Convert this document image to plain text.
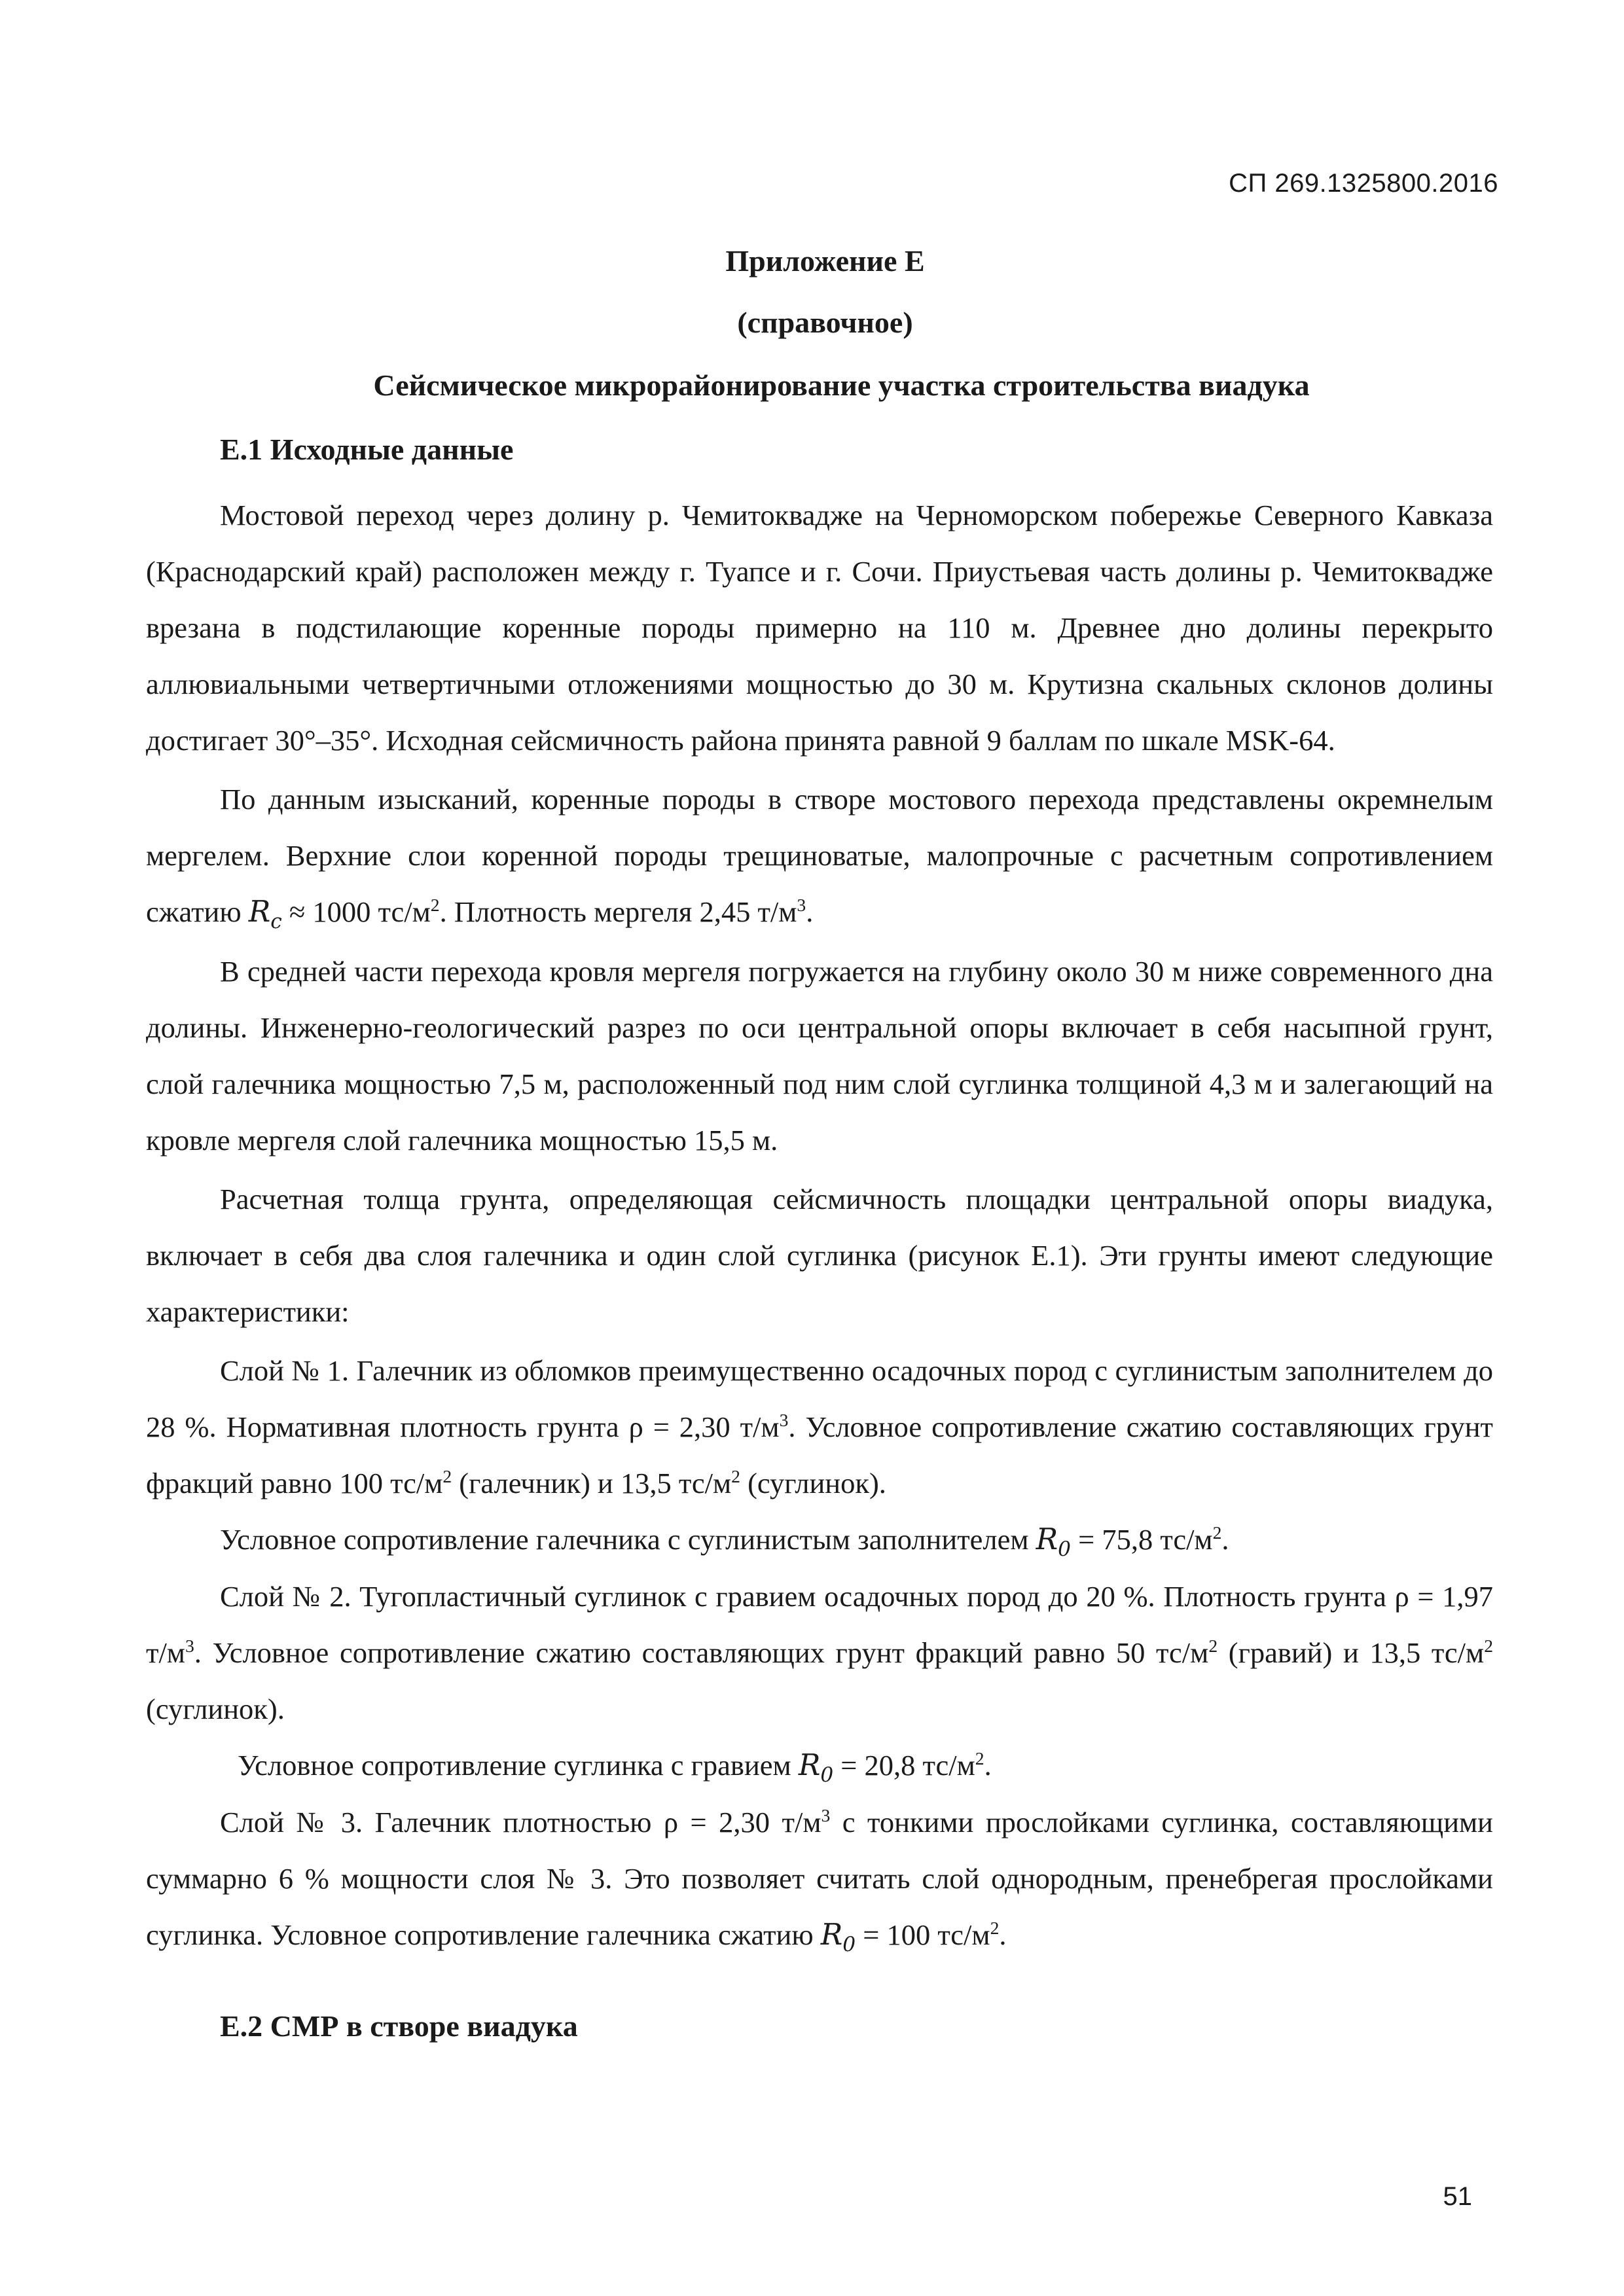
СП 269.1325800.2016
Приложение Е
(справочное)
Сейсмическое микрорайонирование участка строительства виадука
Е.1 Исходные данные

Мостовой переход через долину р. Чемитоквадже на Черноморском побережье Северного Кавказа (Краснодарский край) расположен между г. Туапсе и г. Сочи. Приустьевая часть долины р. Чемитоквадже врезана в подстилающие коренные породы примерно на 110 м. Древнее дно долины перекрыто аллювиальными четвертичными отложениями мощностью до 30 м. Крутизна скальных склонов долины достигает 30°–35°. Исходная сейсмичность района принята равной 9 баллам по шкале MSK-64.

По данным изысканий, коренные породы в створе мостового перехода представлены окремнелым мергелем. Верхние слои коренной породы трещиноватые, малопрочные с расчетным сопротивлением сжатию $R_c \approx 1000$ $тс/м^2$. Плотность мергеля 2,45 $т/м^3$.

В средней части перехода кровля мергеля погружается на глубину около 30 м ниже современного дна долины. Инженерно-геологический разрез по оси центральной опоры включает в себя насыпной грунт, слой галечника мощностью 7,5 м, расположенный под ним слой суглинка толщиной 4,3 м и залегающий на кровле мергеля слой галечника мощностью 15,5 м.

Расчетная толща грунта, определяющая сейсмичность площадки центральной опоры виадука, включает в себя два слоя галечника и один слой суглинка (рисунок Е.1). Эти грунты имеют следующие характеристики:

Слой № 1. Галечник из обломков преимущественно осадочных пород с суглинистым заполнителем до 28 %. Нормативная плотность грунта ρ = 2,30 $т/м^3$. Условное сопротивление сжатию составляющих грунт фракций равно 100 $тс/м^2$ (галечник) и 13,5 $тс/м^2$ (суглинок).

Условное сопротивление галечника с суглинистым заполнителем $R_0 = 75,8$ $тс/м^2$.

Слой № 2. Тугопластичный суглинок с гравием осадочных пород до 20 %. Плотность грунта ρ = 1,97 $т/м^3$. Условное сопротивление сжатию составляющих грунт фракций равно 50 $тс/м^2$ (гравий) и 13,5 $тс/м^2$ (суглинок).

Условное сопротивление суглинка с гравием $R_0 = 20,8$ $тс/м^2$.

Слой № 3. Галечник плотностью ρ = 2,30 $т/м^3$ с тонкими прослойками суглинка, составляющими суммарно 6 % мощности слоя № 3. Это позволяет считать слой однородным, пренебрегая прослойками суглинка. Условное сопротивление галечника сжатию $R_0 = 100$ $тс/м^2$.

Е.2 СМР в створе виадука
51
